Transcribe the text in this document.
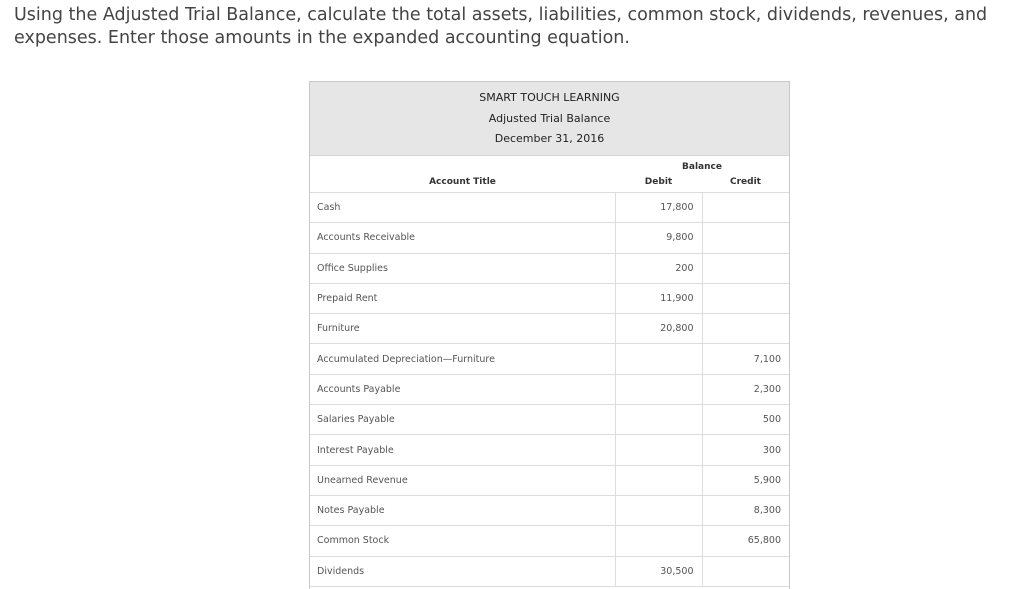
Using the Adjusted Trial Balance, calculate the total assets, liabilities, common stock, dividends, revenues, and expenses. Enter those amounts in the expanded accounting equation.

SMART TOUCH LEARNING
Adjusted Trial Balance
December 31, 2016
	Balance	
Account Title	Debit	Credit
Cash	17,800	
Accounts Receivable	9,800	
Office Supplies	200	
Prepaid Rent	11,900	
Furniture	20,800	
Accumulated Depreciation—Furniture		7,100
Accounts Payable		2,300
Salaries Payable		500
Interest Payable		300
Unearned Revenue		5,900
Notes Payable		8,300
Common Stock		65,800
Dividends	30,500	
